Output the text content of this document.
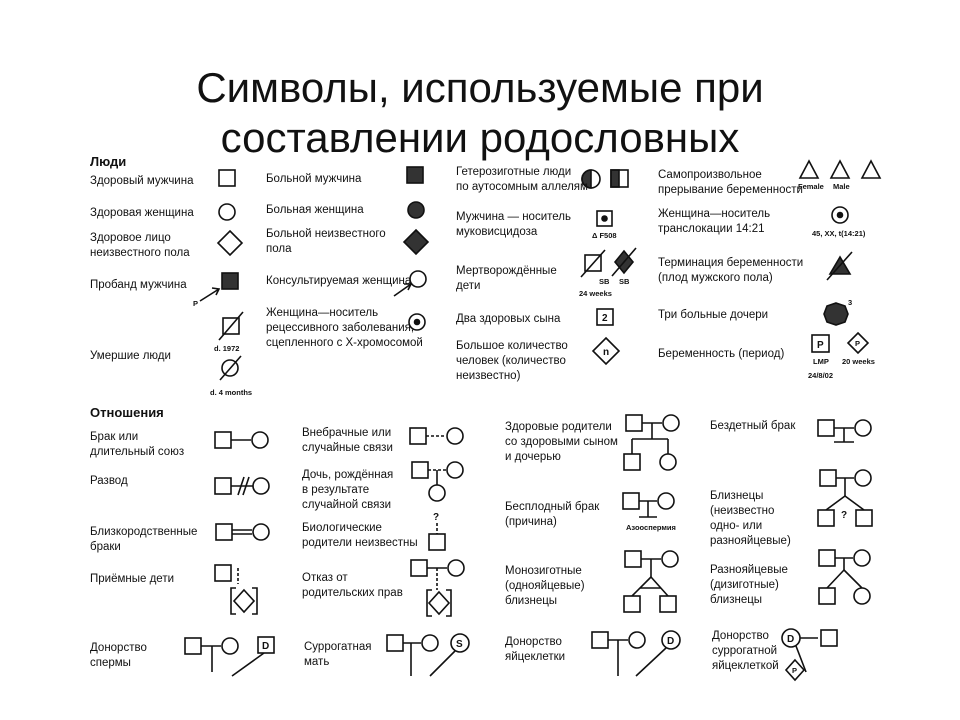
Символы, используемые при
составлении родословных
Люди
Отношения
Здоровый мужчина
Здоровая женщина
Здоровое лицо
неизвестного пола
Пробанд мужчина
Умершие люди
Больной мужчина
Больная женщина
Больной неизвестного
пола
Консультируемая женщина
Женщина—носитель
рецессивного заболевания,
сцепленного с Х-хромосомой
Гетерозиготные люди
по аутосомным аллелям
Мужчина — носитель
муковисцидоза
Мертворождённые
дети
Два здоровых сына
Большое количество
человек (количество
неизвестно)
Самопроизвольное
прерывание беременности
Женщина—носитель
транслокации 14:21
Терминация беременности
(плод мужского пола)
Три больные дочери
Беременность (период)
Брак или
длительный союз
Развод
Близкородственные
браки
Приёмные дети
Донорство
спермы
Внебрачные или
случайные связи
Дочь, рождённая
в результате
случайной связи
Биологические
родители неизвестны
Отказ от
родительских прав
Суррогатная
мать
Здоровые родители
со здоровыми сыном
и дочерью
Бесплодный брак
(причина)
Монозиготные
(однояйцевые)
близнецы
Донорство
яйцеклетки
Бездетный брак
Близнецы
(неизвестно
одно- или
разнояйцевые)
Разнояйцевые
(дизиготные)
близнецы
Донорство
суррогатной
яйцеклеткой
P
d. 1972
d. 4 months
Δ F508
24 weeks
SB SB
Female Male
45, XX, t(14:21)
3
LMP
24/8/02
20 weeks
Азооспермия
2
n
D	S	D	D
?	?
P	P
P
